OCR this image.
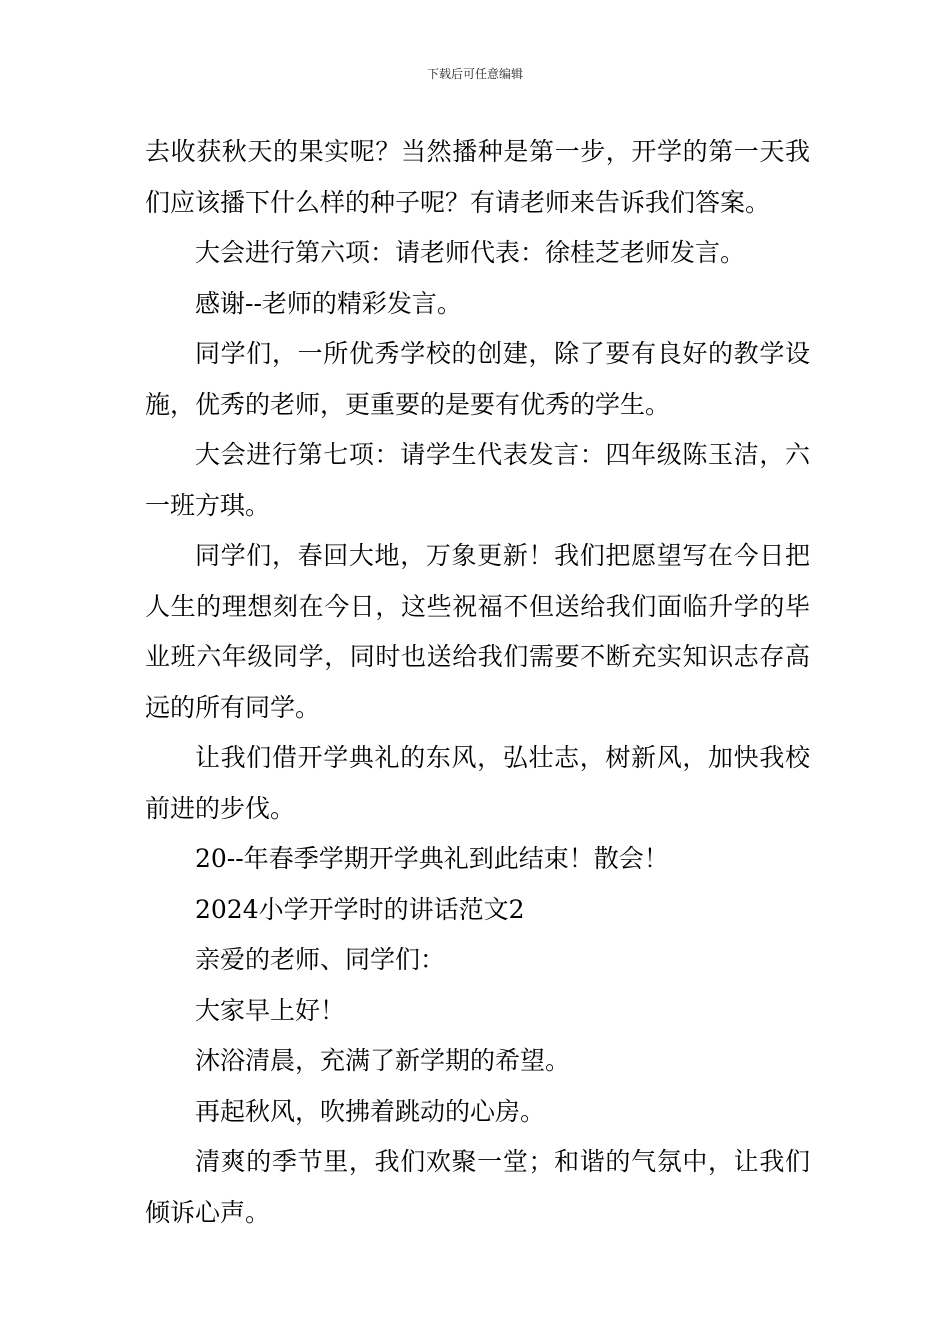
下载后可任意编辑

去收获秋天的果实呢？当然播种是第一步，开学的第一天我们应该播下什么样的种子呢？有请老师来告诉我们答案。

大会进行第六项：请老师代表：徐桂芝老师发言。

感谢--老师的精彩发言。

同学们，一所优秀学校的创建，除了要有良好的教学设施，优秀的老师，更重要的是要有优秀的学生。

大会进行第七项：请学生代表发言：四年级陈玉洁，六一班方琪。

同学们，春回大地，万象更新！我们把愿望写在今日把人生的理想刻在今日，这些祝福不但送给我们面临升学的毕业班六年级同学，同时也送给我们需要不断充实知识志存高远的所有同学。

让我们借开学典礼的东风，弘壮志，树新风，加快我校前进的步伐。

20--年春季学期开学典礼到此结束！散会！

2024小学开学时的讲话范文2

亲爱的老师、同学们：

大家早上好！

沐浴清晨，充满了新学期的希望。

再起秋风，吹拂着跳动的心房。

清爽的季节里，我们欢聚一堂；和谐的气氛中，让我们倾诉心声。
